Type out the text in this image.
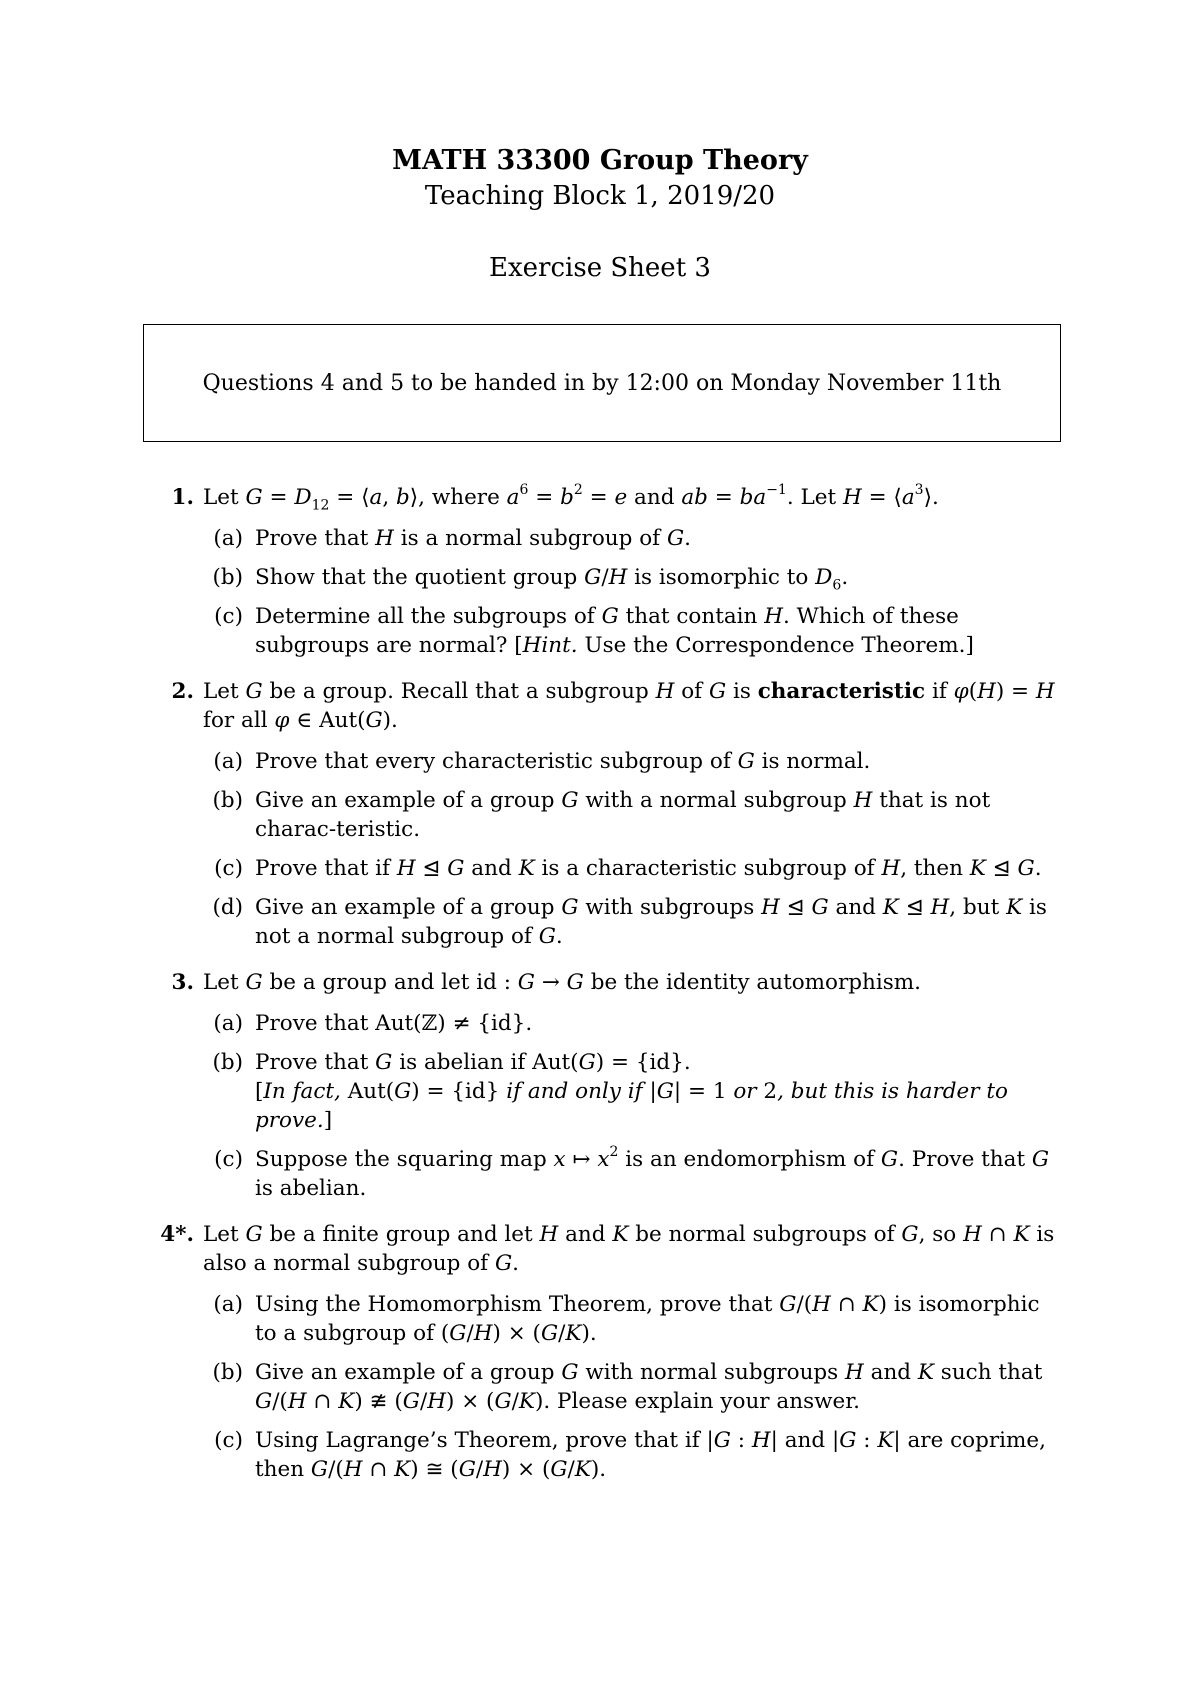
MATH 33300 Group Theory
Teaching Block 1, 2019/20
Exercise Sheet 3
Questions 4 and 5 to be handed in by 12:00 on Monday November 11th
1. Let $G = D_{12}$ = ⟨a, b⟩, where $a^6 = b^2 = e$ and ab = $ba^{-1}$. Let $H = ⟨a^3⟩$.
(a) Prove that H is a normal subgroup of G.
(b) Show that the quotient group G/H is isomorphic to $D_6$.
(c) Determine all the subgroups of G that contain H. Which of these subgroups are normal? [Hint. Use the Correspondence Theorem.]
2. Let G be a group. Recall that a subgroup H of G is characteristic if φ(H) = H for all φ ∈ Aut(G).
(a) Prove that every characteristic subgroup of G is normal.
(b) Give an example of a group G with a normal subgroup H that is not charac-teristic.
(c) Prove that if H ⊴ G and K is a characteristic subgroup of H, then K ⊴ G.
(d) Give an example of a group G with subgroups H ⊴ G and K ⊴ H, but K is not a normal subgroup of G.
3. Let G be a group and let id : G → G be the identity automorphism.
(a) Prove that Aut(ℤ) ≠ {id}.
(b) Prove that G is abelian if Aut(G) = {id}.
[In fact, Aut(G) = {id} if and only if |G| = 1 or 2, but this is harder to prove.]
(c) Suppose the squaring map x ↦ $x^2$ is an endomorphism of G. Prove that G is abelian.
4*. Let G be a finite group and let H and K be normal subgroups of G, so H ∩ K is also a normal subgroup of G.
(a) Using the Homomorphism Theorem, prove that G/(H ∩ K) is isomorphic to a subgroup of (G/H) × (G/K).
(b) Give an example of a group G with normal subgroups H and K such that G/(H ∩ K) ≇ (G/H) × (G/K). Please explain your answer.
(c) Using Lagrange’s Theorem, prove that if |G : H| and |G : K| are coprime, then G/(H ∩ K) ≅ (G/H) × (G/K).
